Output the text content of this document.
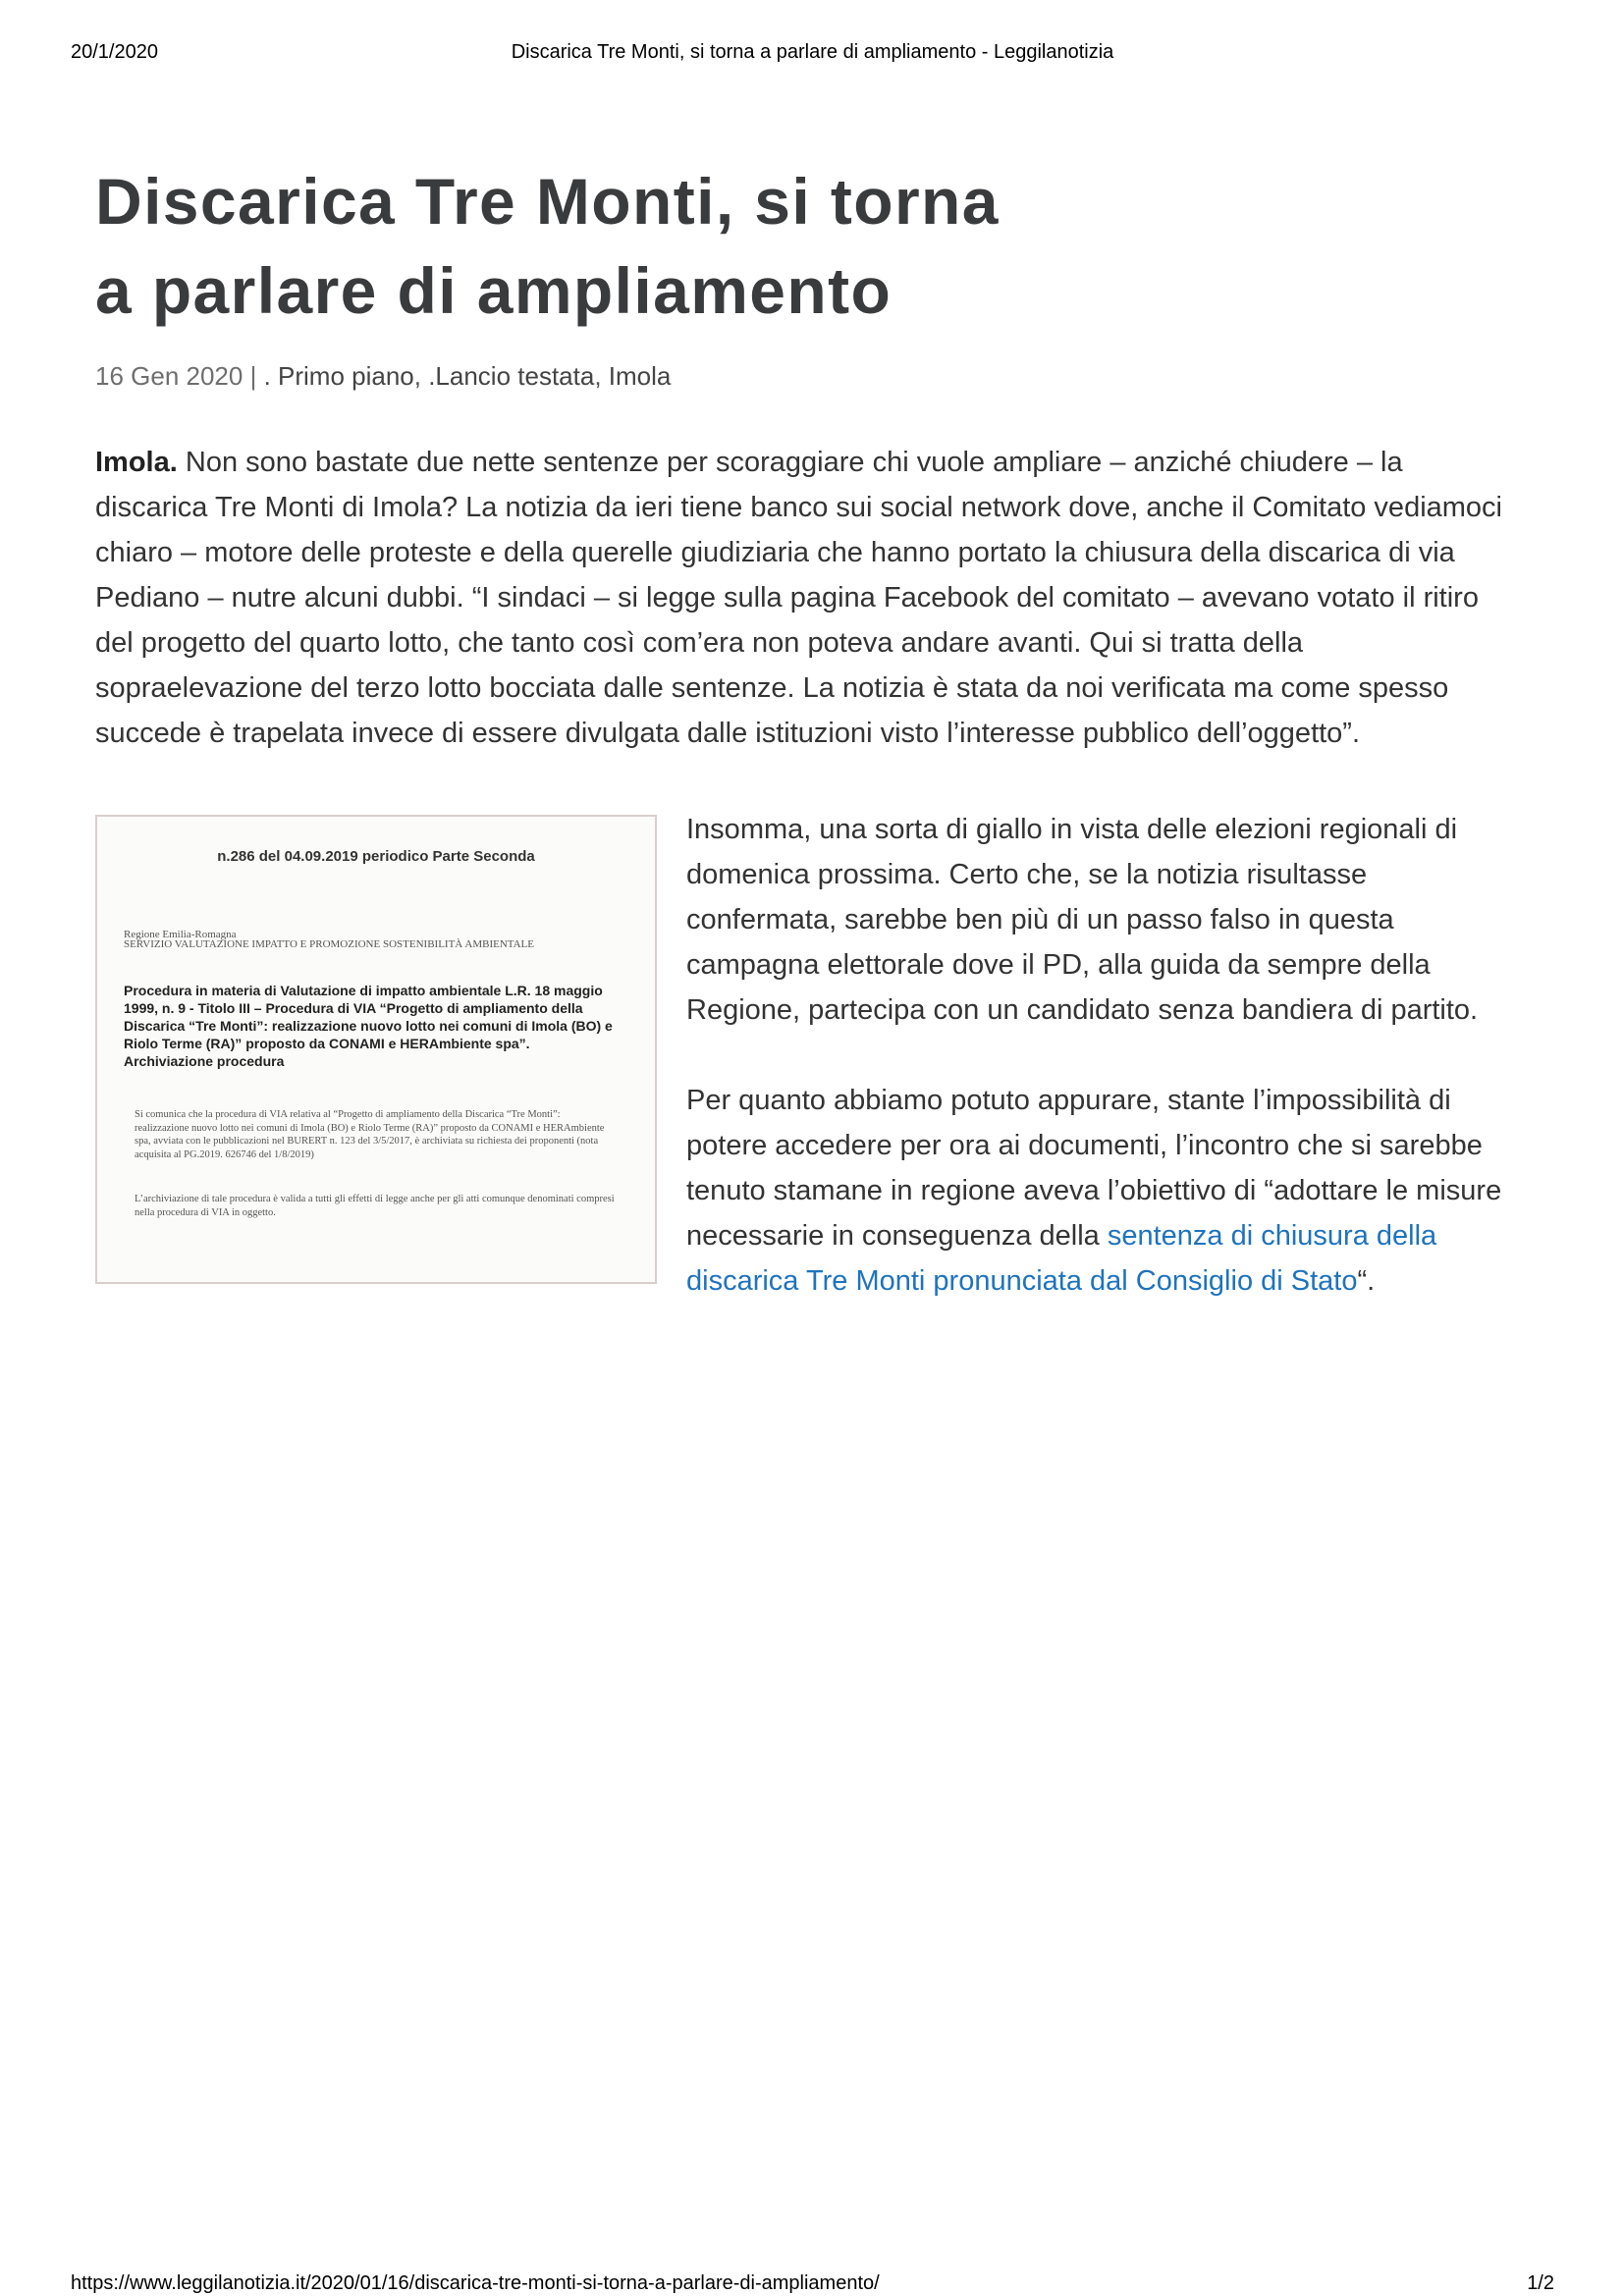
20/1/2020	Discarica Tre Monti, si torna a parlare di ampliamento - Leggilanotizia
Discarica Tre Monti, si torna
a parlare di ampliamento
16 Gen 2020 | . Primo piano, .Lancio testata, Imola

Imola. Non sono bastate due nette sentenze per scoraggiare chi vuole ampliare – anziché chiudere – la discarica Tre Monti di Imola? La notizia da ieri tiene banco sui social network dove, anche il Comitato vediamoci chiaro – motore delle proteste e della querelle giudiziaria che hanno portato la chiusura della discarica di via Pediano – nutre alcuni dubbi. “I sindaci – si legge sulla pagina Facebook del comitato – avevano votato il ritiro del progetto del quarto lotto, che tanto così com’era non poteva andare avanti. Qui si tratta della sopraelevazione del terzo lotto bocciata dalle sentenze. La notizia è stata da noi verificata ma come spesso succede è trapelata invece di essere divulgata dalle istituzioni visto l’interesse pubblico dell’oggetto”.

n.286 del 04.09.2019 periodico Parte Seconda
Regione Emilia-Romagna
SERVIZIO VALUTAZIONE IMPATTO E PROMOZIONE SOSTENIBILITÀ AMBIENTALE
Procedura in materia di Valutazione di impatto ambientale L.R. 18 maggio 1999, n. 9 - Titolo III – Procedura di VIA “Progetto di ampliamento della Discarica “Tre Monti”: realizzazione nuovo lotto nei comuni di Imola (BO) e Riolo Terme (RA)” proposto da CONAMI e HERAmbiente spa”. Archiviazione procedura
Si comunica che la procedura di VIA relativa al “Progetto di ampliamento della Discarica “Tre Monti”: realizzazione nuovo lotto nei comuni di Imola (BO) e Riolo Terme (RA)” proposto da CONAMI e HERAmbiente spa, avviata con le pubblicazioni nel BURERT n. 123 del 3/5/2017, è archiviata su richiesta dei proponenti (nota acquisita al PG.2019. 626746 del 1/8/2019)
L’archiviazione di tale procedura è valida a tutti gli effetti di legge anche per gli atti comunque denominati compresi nella procedura di VIA in oggetto.

Insomma, una sorta di giallo in vista delle elezioni regionali di domenica prossima. Certo che, se la notizia risultasse confermata, sarebbe ben più di un passo falso in questa campagna elettorale dove il PD, alla guida da sempre della Regione, partecipa con un candidato senza bandiera di partito.

Per quanto abbiamo potuto appurare, stante l’impossibilità di potere accedere per ora ai documenti, l’incontro che si sarebbe tenuto stamane in regione aveva l’obiettivo di “adottare le misure necessarie in conseguenza della sentenza di chiusura della discarica Tre Monti pronunciata dal Consiglio di Stato“.

https://www.leggilanotizia.it/2020/01/16/discarica-tre-monti-si-torna-a-parlare-di-ampliamento/	1/2
